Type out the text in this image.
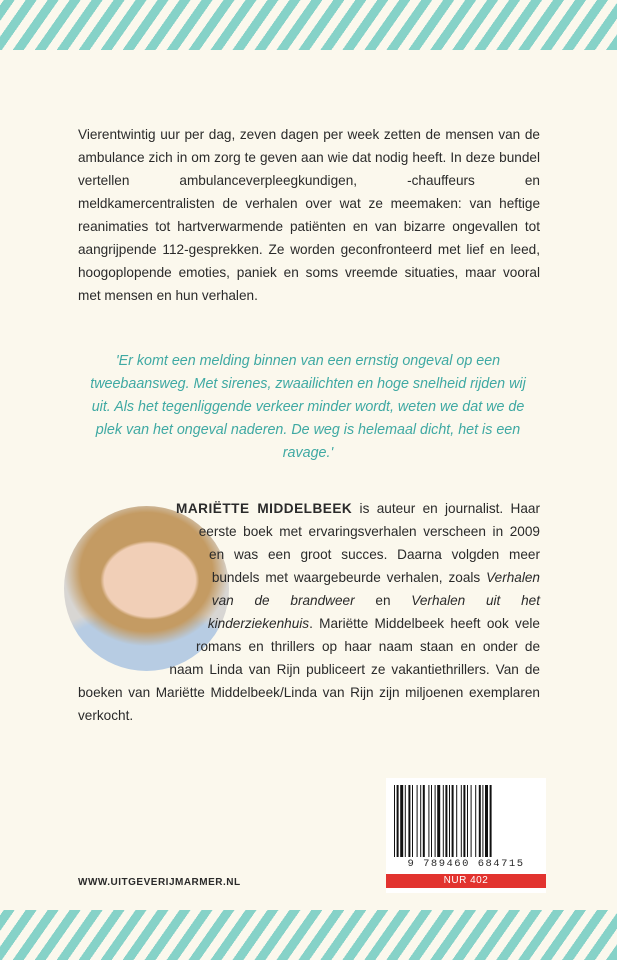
Vierentwintig uur per dag, zeven dagen per week zetten de mensen van de ambulance zich in om zorg te geven aan wie dat nodig heeft. In deze bundel vertellen ambulanceverpleegkundigen, -chauffeurs en meldkamercentralisten de verhalen over wat ze meemaken: van heftige reanimaties tot hartverwarmende patiënten en van bizarre ongevallen tot aangrijpende 112-gesprekken. Ze worden geconfronteerd met lief en leed, hoogoplopende emoties, paniek en soms vreemde situaties, maar vooral met mensen en hun verhalen.

'Er komt een melding binnen van een ernstig ongeval op een tweebaansweg. Met sirenes, zwaailichten en hoge snelheid rijden wij uit. Als het tegenliggende verkeer minder wordt, weten we dat we de plek van het ongeval naderen. De weg is helemaal dicht, het is een ravage.'

MARIËTTE MIDDELBEEK is auteur en journalist. Haar eerste boek met ervaringsverhalen verscheen in 2009 en was een groot succes. Daarna volgden meer bundels met waargebeurde verhalen, zoals Verhalen van de brandweer en Verhalen uit het kinderziekenhuis. Mariëtte Middelbeek heeft ook vele romans en thrillers op haar naam staan en onder de naam Linda van Rijn publiceert ze vakantiethrillers. Van de boeken van Mariëtte Middelbeek/Linda van Rijn zijn miljoenen exemplaren verkocht.

9 789460 684715
NUR 402
WWW.UITGEVERIJMARMER.NL
